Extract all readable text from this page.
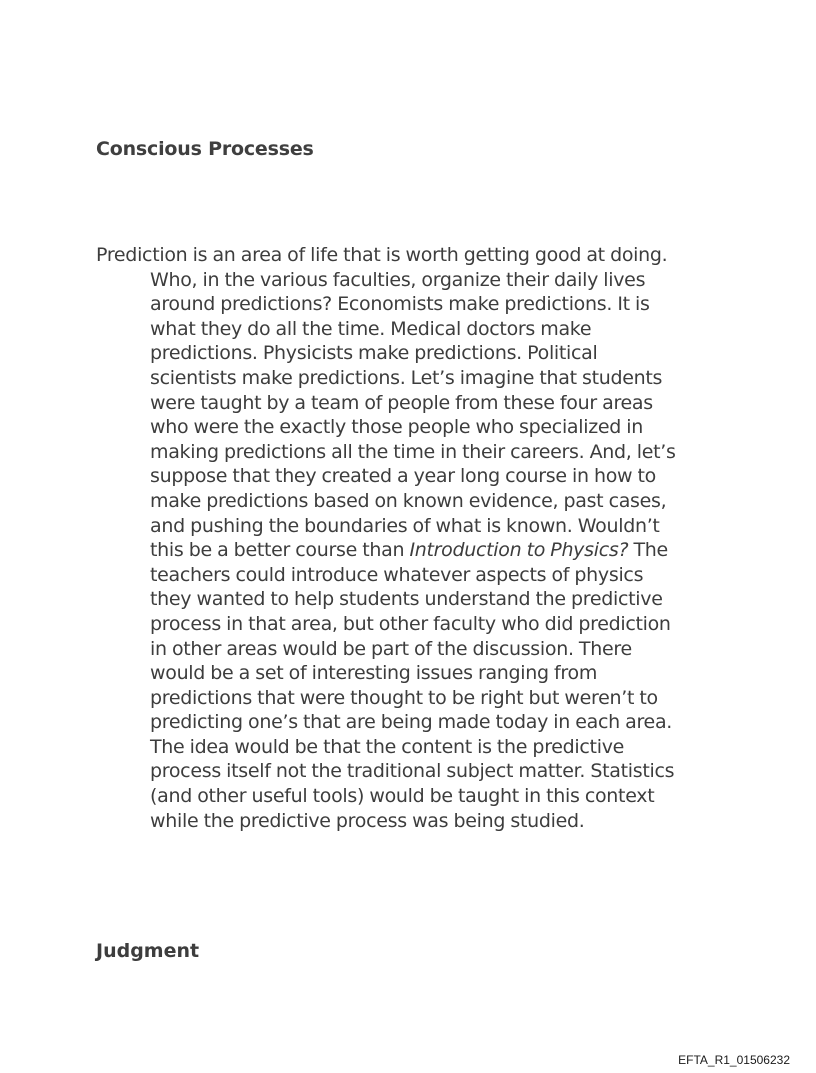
Conscious Processes

Prediction is an area of life that is worth getting good at doing. Who, in the various faculties, organize their daily lives around predictions? Economists make predictions. It is what they do all the time. Medical doctors make predictions. Physicists make predictions. Political scientists make predictions. Let’s imagine that students were taught by a team of people from these four areas who were the exactly those people who specialized in making predictions all the time in their careers. And, let’s suppose that they created a year long course in how to make predictions based on known evidence, past cases, and pushing the boundaries of what is known. Wouldn’t this be a better course than Introduction to Physics? The teachers could introduce whatever aspects of physics they wanted to help students understand the predictive process in that area, but other faculty who did prediction in other areas would be part of the discussion. There would be a set of interesting issues ranging from predictions that were thought to be right but weren’t to predicting one’s that are being made today in each area. The idea would be that the content is the predictive process itself not the traditional subject matter. Statistics (and other useful tools) would be taught in this context while the predictive process was being studied.

Judgment
EFTA_R1_01506232
